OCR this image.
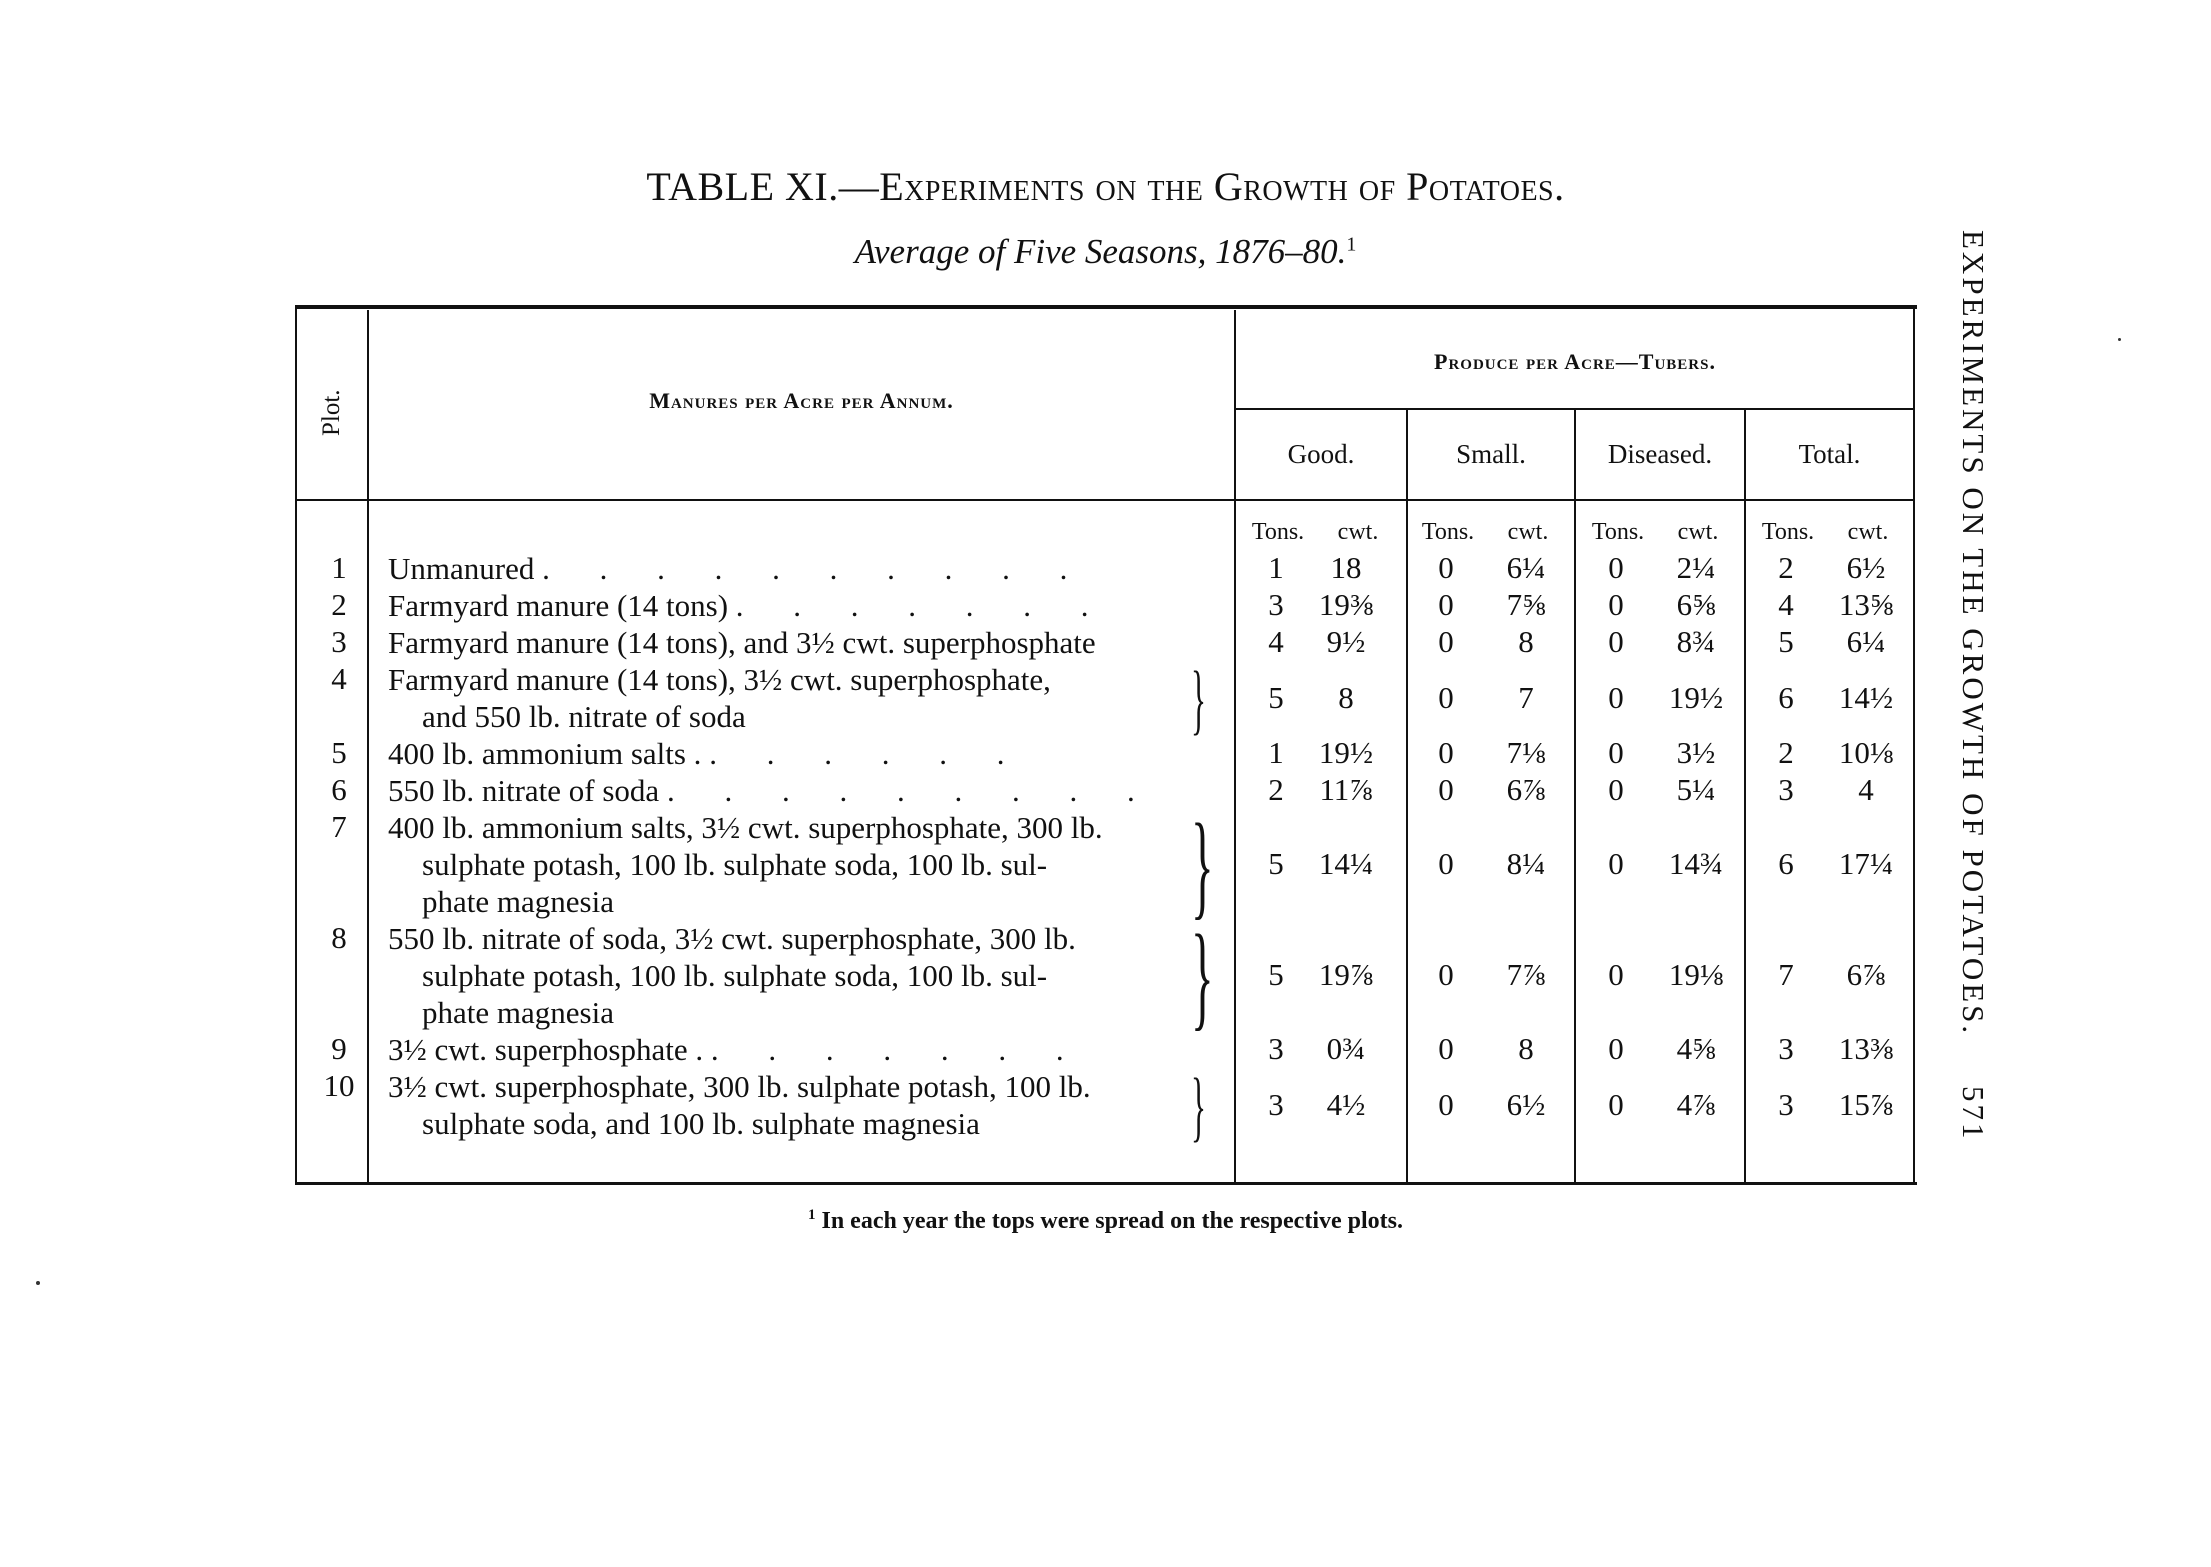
TABLE XI.—Experiments on the Growth of Potatoes.
Average of Five Seasons, 1876–80.$^1$	EXPERIMENTS ON THE GROWTH OF POTATOES.571
Plot.	Manures per Acre per Annum.
Produce per Acre—Tubers.
Good.	Small.	Diseased.	Total.
Tons.	cwt.	Tons.	cwt.	Tons.	cwt.	Tons.	cwt.
1	Unmanured . . . . . . . . . .	1	18	0	6¼	0	2¼	2	6½
2	Farmyard manure (14 tons) . . . . . . .	3	19⅜	0	7⅝	0	6⅝	4	13⅝
3	Farmyard manure (14 tons), and 3½ cwt. superphosphate	4	9½	0	8	0	8¾	5	6¼
4	Farmyard manure (14 tons), 3½ cwt. superphosphate,
and 550 lb. nitrate of soda	}	5	8	0	7	0	19½	6	14½
5	400 lb. ammonium salts . . . . . . .	1	19½	0	7⅛	0	3½	2	10⅛
6	550 lb. nitrate of soda . . . . . . . . .	2	11⅞	0	6⅞	0	5¼	3	4
7	400 lb. ammonium salts, 3½ cwt. superphosphate, 300 lb.
sulphate potash, 100 lb. sulphate soda, 100 lb. sul-
phate magnesia	}	5	14¼	0	8¼	0	14¾	6	17¼
8	550 lb. nitrate of soda, 3½ cwt. superphosphate, 300 lb.
sulphate potash, 100 lb. sulphate soda, 100 lb. sul-
phate magnesia	}	5	19⅞	0	7⅞	0	19⅛	7	6⅞
9	3½ cwt. superphosphate . . . . . . . .	3	0¾	0	8	0	4⅝	3	13⅜
10	3½ cwt. superphosphate, 300 lb. sulphate potash, 100 lb.
sulphate soda, and 100 lb. sulphate magnesia	}	3	4½	0	6½	0	4⅞	3	15⅞
$^1$ In each year the tops were spread on the respective plots.
